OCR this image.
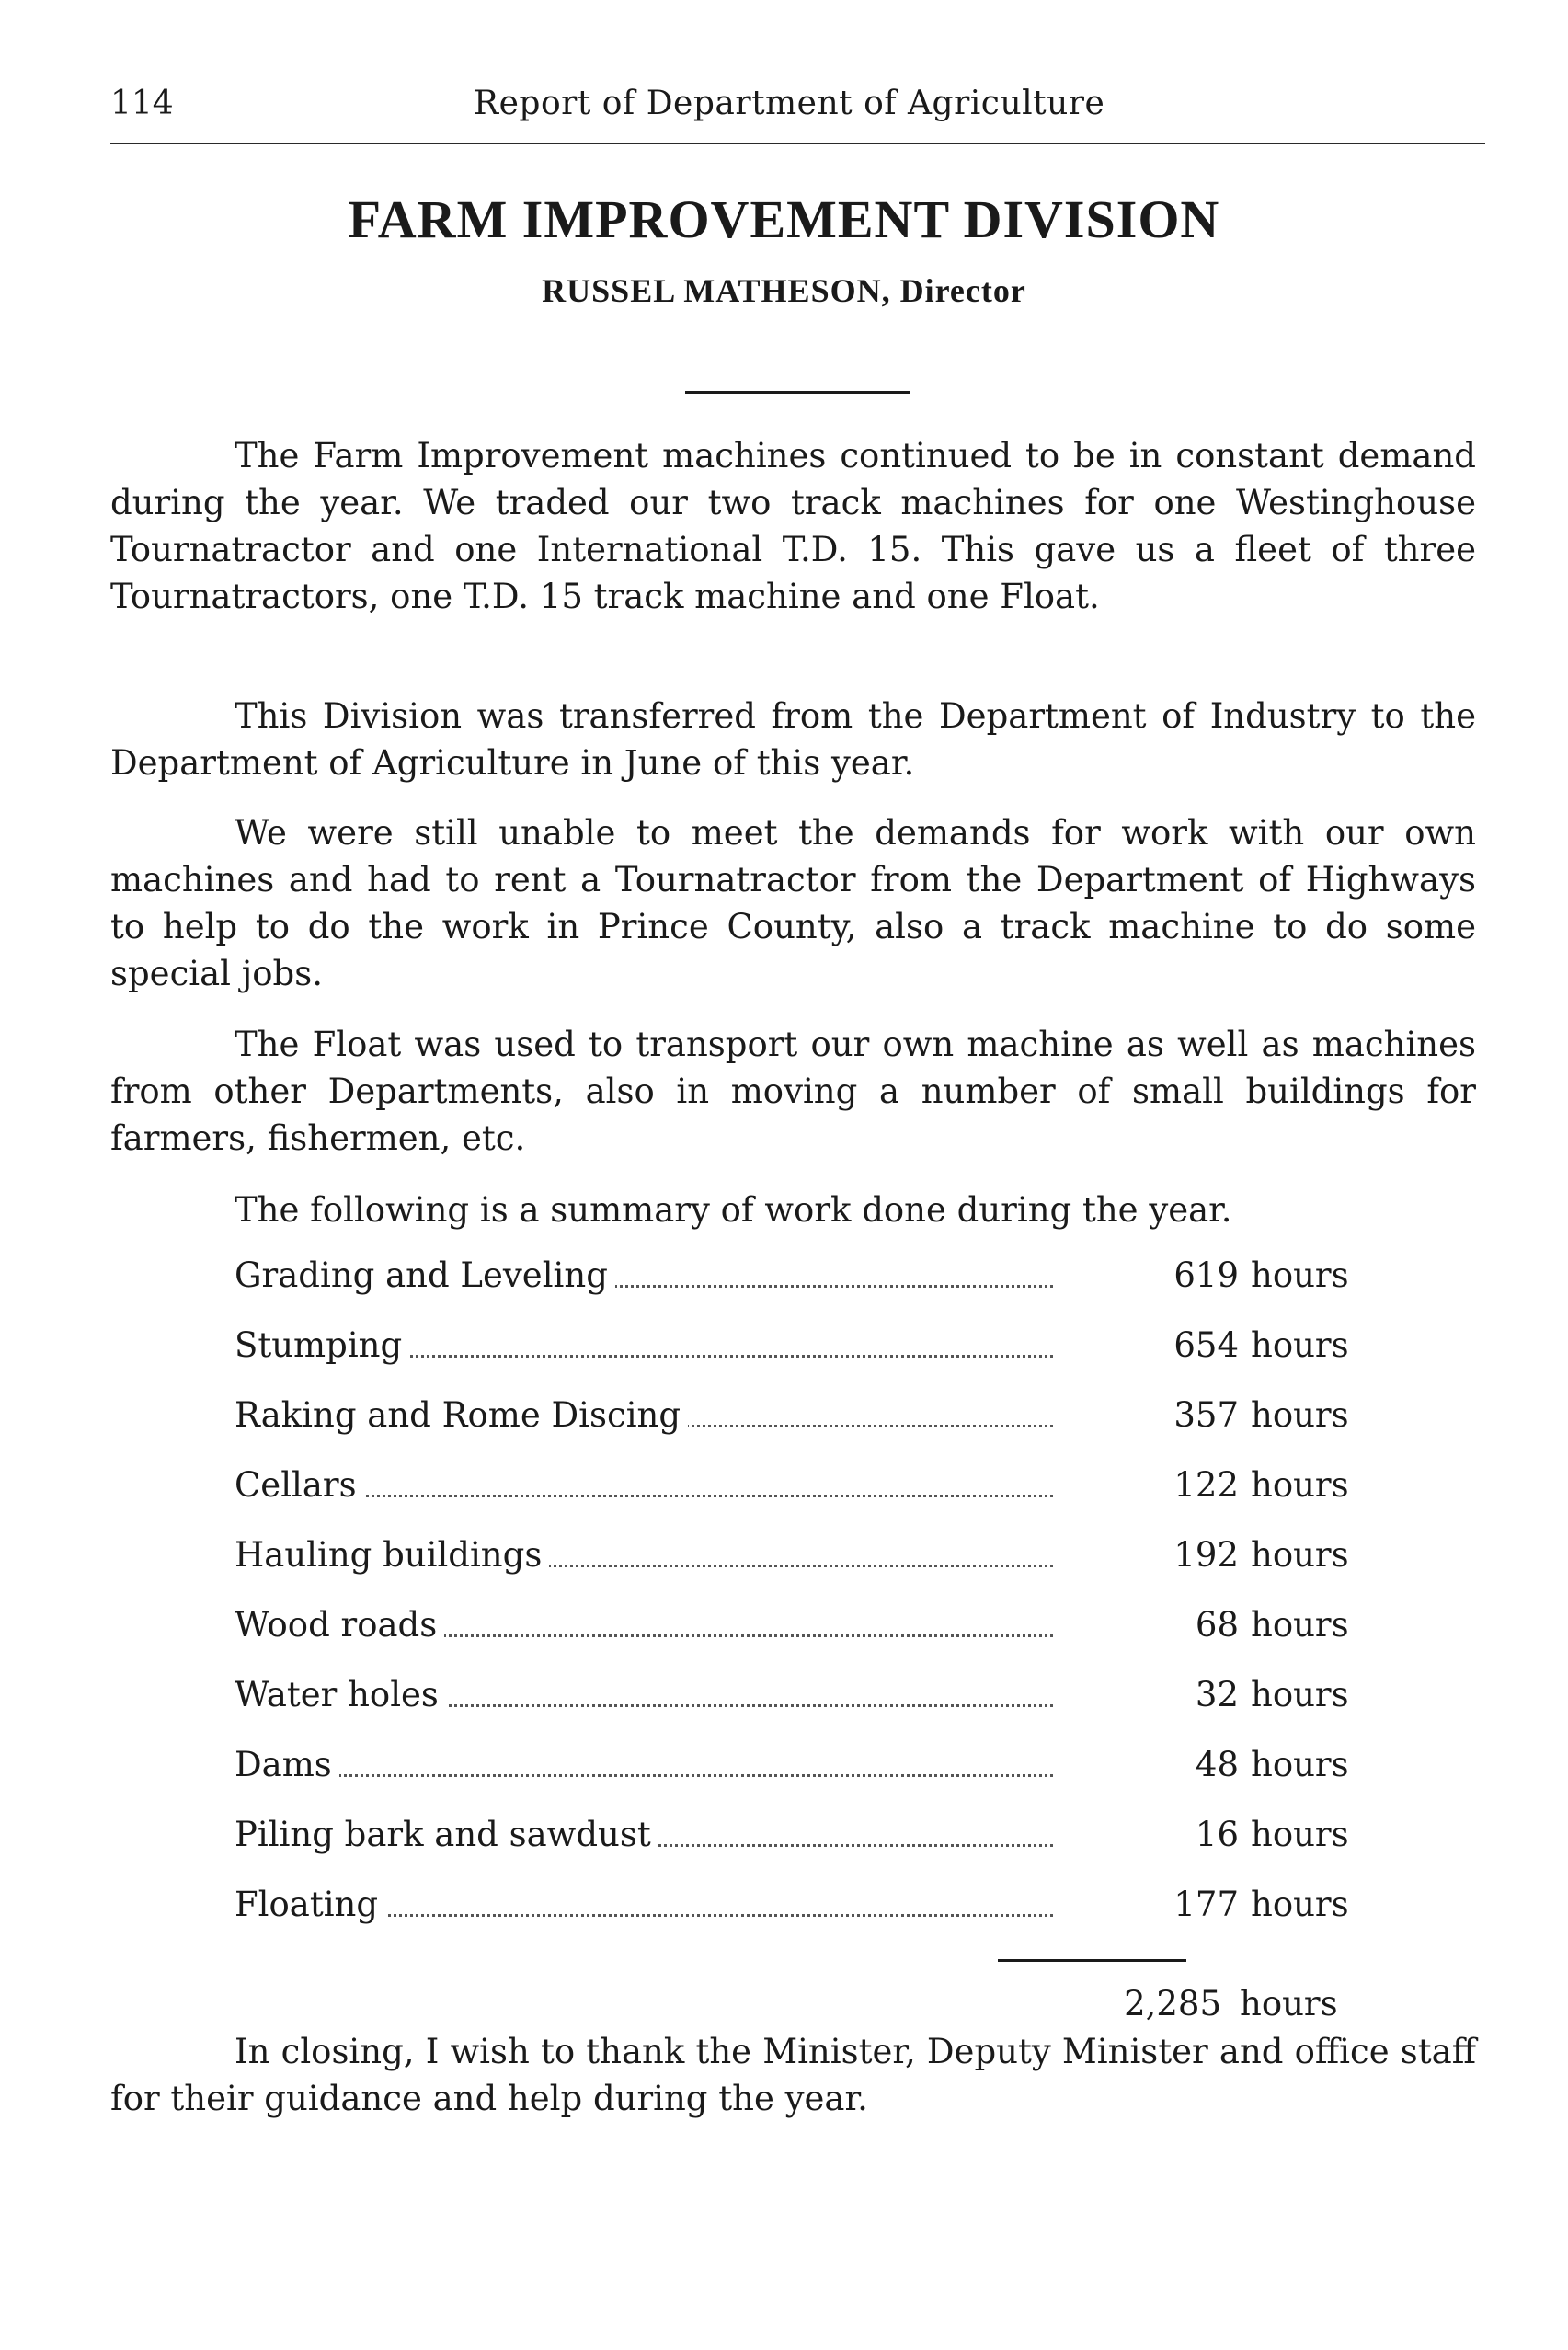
114	Report of Department of Agriculture
FARM IMPROVEMENT DIVISION
RUSSEL MATHESON, Director

The Farm Improvement machines continued to be in constant demand during the year. We traded our two track machines for one Westinghouse Tournatractor and one International T.D. 15. This gave us a fleet of three Tournatractors, one T.D. 15 track machine and one Float.

This Division was transferred from the Department of Industry to the Department of Agriculture in June of this year.

We were still unable to meet the demands for work with our own machines and had to rent a Tournatractor from the Department of Highways to help to do the work in Prince County, also a track machine to do some special jobs.

The Float was used to transport our own machine as well as machines from other Departments, also in moving a number of small buildings for farmers, fishermen, etc.

The following is a summary of work done during the year.

Grading and Leveling	619 hours
Stumping	654 hours
Raking and Rome Discing	357 hours
Cellars	122 hours
Hauling buildings	192 hours
Wood roads	68 hours
Water holes	32 hours
Dams	48 hours
Piling bark and sawdust	16 hours
Floating	177 hours
2,285 hours

In closing, I wish to thank the Minister, Deputy Minister and office staff for their guidance and help during the year.
